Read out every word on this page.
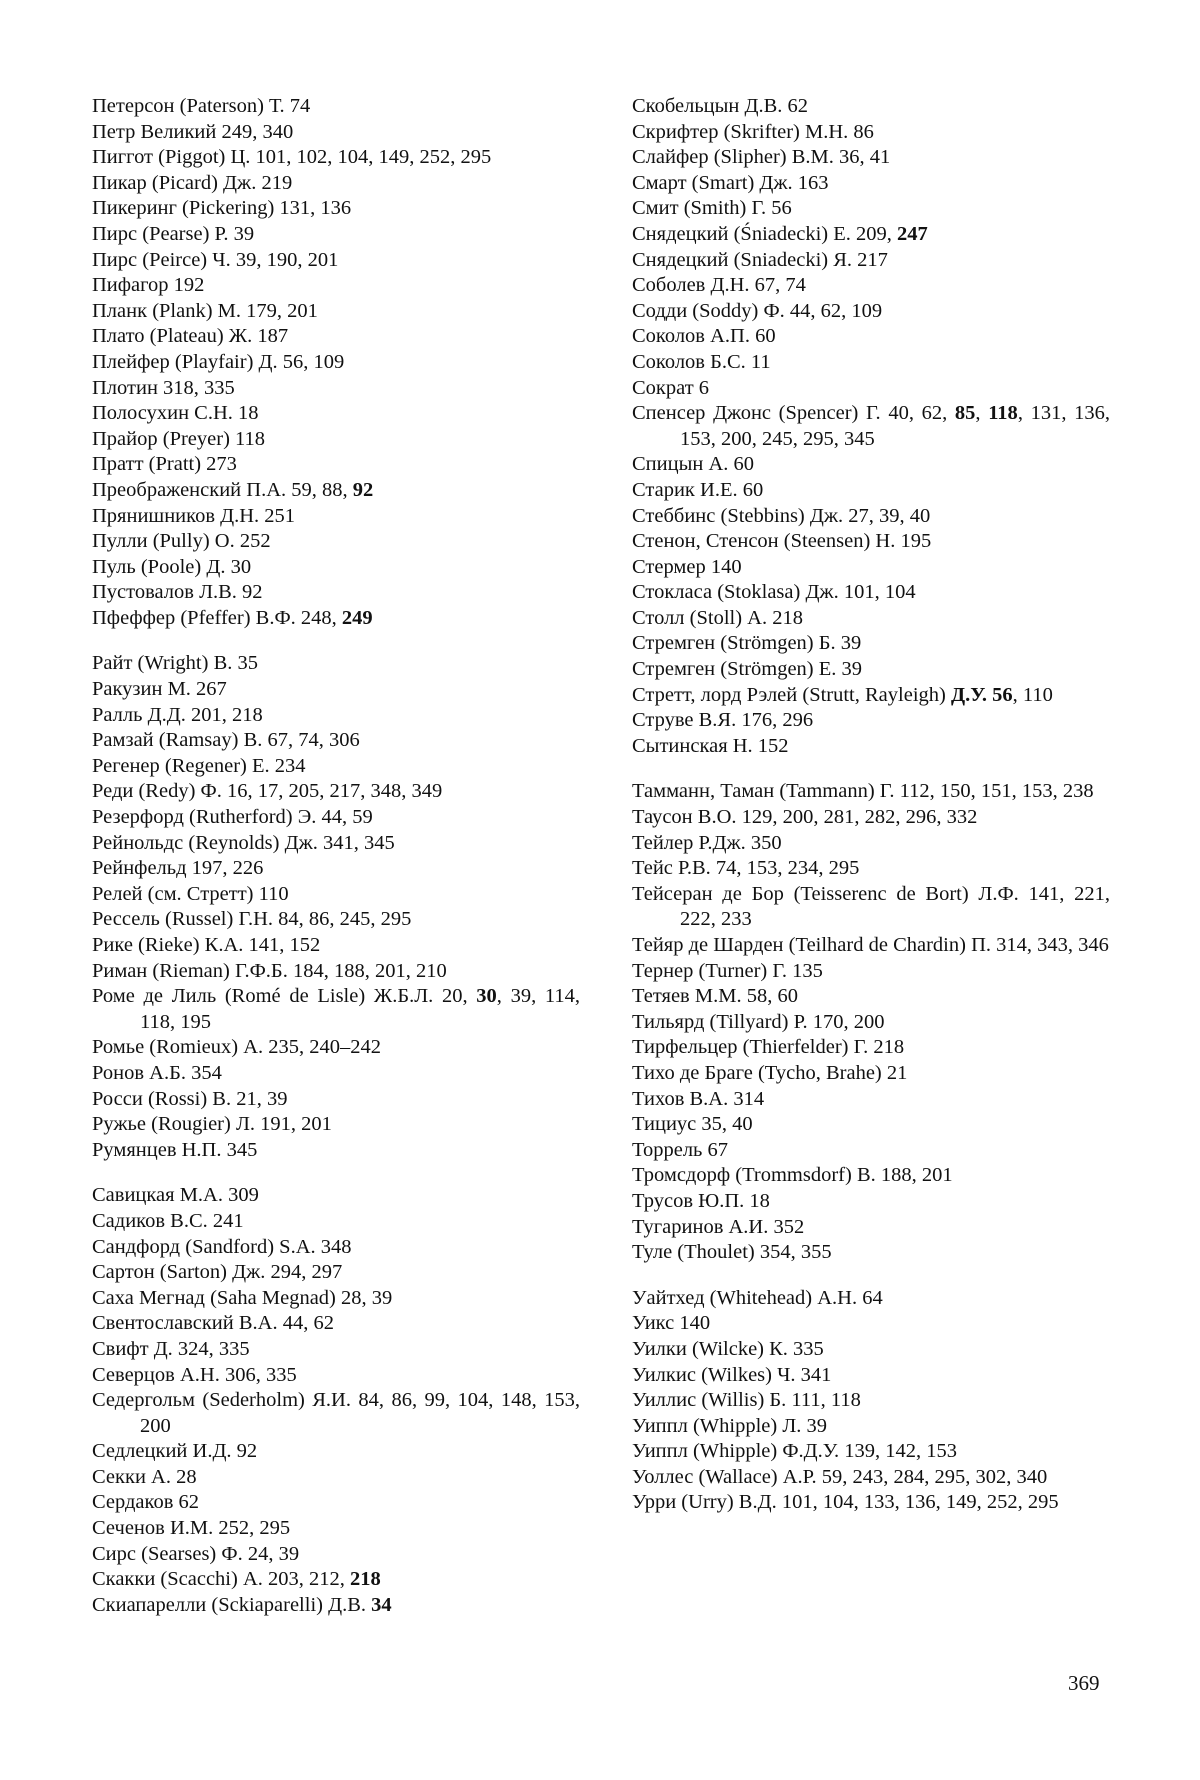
Петерсон (Paterson) Т. 74
Петр Великий 249, 340
Пиггот (Piggot) Ц. 101, 102, 104, 149, 252, 295
Пикар (Picard) Дж. 219
Пикеринг (Pickering) 131, 136
Пирс (Pearse) Р. 39
Пирс (Peirce) Ч. 39, 190, 201
Пифагор 192
Планк (Plank) М. 179, 201
Плато (Plateau) Ж. 187
Плейфер (Playfair) Д. 56, 109
Плотин 318, 335
Полосухин С.Н. 18
Прайор (Preyer) 118
Пратт (Pratt) 273
Преображенский П.А. 59, 88, 92
Прянишников Д.Н. 251
Пулли (Pully) О. 252
Пуль (Poole) Д. 30
Пустовалов Л.В. 92
Пфеффер (Pfeffer) В.Ф. 248, 249
Райт (Wright) В. 35
Ракузин М. 267
Ралль Д.Д. 201, 218
Рамзай (Ramsay) В. 67, 74, 306
Регенер (Regener) Е. 234
Реди (Redy) Ф. 16, 17, 205, 217, 348, 349
Резерфорд (Rutherford) Э. 44, 59
Рейнольдс (Reynolds) Дж. 341, 345
Рейнфельд 197, 226
Релей (см. Стретт) 110
Рессель (Russel) Г.Н. 84, 86, 245, 295
Рике (Rieke) К.А. 141, 152
Риман (Rieman) Г.Ф.Б. 184, 188, 201, 210
Роме де Лиль (Romé de Lisle) Ж.Б.Л. 20, 30, 39, 114, 118, 195
Ромье (Romieux) А. 235, 240–242
Ронов А.Б. 354
Росси (Rossi) В. 21, 39
Ружье (Rougier) Л. 191, 201
Румянцев Н.П. 345
Савицкая М.А. 309
Садиков В.С. 241
Сандфорд (Sandford) S.A. 348
Сартон (Sarton) Дж. 294, 297
Саха Мегнад (Saha Megnad) 28, 39
Свентославский В.А. 44, 62
Свифт Д. 324, 335
Северцов А.Н. 306, 335
Седергольм (Sederholm) Я.И. 84, 86, 99, 104, 148, 153, 200
Седлецкий И.Д. 92
Секки А. 28
Сердаков 62
Сеченов И.М. 252, 295
Сирс (Searses) Ф. 24, 39
Скакки (Scacchi) А. 203, 212, 218
Скиапарелли (Sckiaparelli) Д.В. 34
Скобельцын Д.В. 62
Скрифтер (Skrifter) М.Н. 86
Слайфер (Slipher) В.М. 36, 41
Смарт (Smart) Дж. 163
Смит (Smith) Г. 56
Снядецкий (Śniadecki) Е. 209, 247
Снядецкий (Sniadecki) Я. 217
Соболев Д.Н. 67, 74
Содди (Soddy) Ф. 44, 62, 109
Соколов А.П. 60
Соколов Б.С. 11
Сократ 6
Спенсер Джонс (Spencer) Г. 40, 62, 85, 118, 131, 136, 153, 200, 245, 295, 345
Спицын А. 60
Старик И.Е. 60
Стеббинс (Stebbins) Дж. 27, 39, 40
Стенон, Стенсон (Steensen) Н. 195
Стермер 140
Стокласа (Stoklasa) Дж. 101, 104
Столл (Stoll) А. 218
Стремген (Strömgen) Б. 39
Стремген (Strömgen) Е. 39
Стретт, лорд Рэлей (Strutt, Rayleigh) Д.У. 56, 110
Струве В.Я. 176, 296
Сытинская Н. 152
Тамманн, Таман (Tammann) Г. 112, 150, 151, 153, 238
Таусон В.О. 129, 200, 281, 282, 296, 332
Тейлер Р.Дж. 350
Тейс Р.В. 74, 153, 234, 295
Тейсеран де Бор (Teisserenc de Bort) Л.Ф. 141, 221, 222, 233
Тейяр де Шарден (Teilhard de Chardin) П. 314, 343, 346
Тернер (Turner) Г. 135
Тетяев М.М. 58, 60
Тильярд (Tillyard) Р. 170, 200
Тирфельцер (Thierfelder) Г. 218
Тихо де Браге (Tycho, Brahe) 21
Тихов В.А. 314
Тициус 35, 40
Торрель 67
Тромсдорф (Trommsdorf) В. 188, 201
Трусов Ю.П. 18
Тугаринов А.И. 352
Туле (Thoulet) 354, 355
Уайтхед (Whitehead) А.Н. 64
Уикс 140
Уилки (Wilcke) К. 335
Уилкис (Wilkes) Ч. 341
Уиллис (Willis) Б. 111, 118
Уиппл (Whipple) Л. 39
Уиппл (Whipple) Ф.Д.У. 139, 142, 153
Уоллес (Wallace) А.Р. 59, 243, 284, 295, 302, 340
Урри (Urry) В.Д. 101, 104, 133, 136, 149, 252, 295
369
